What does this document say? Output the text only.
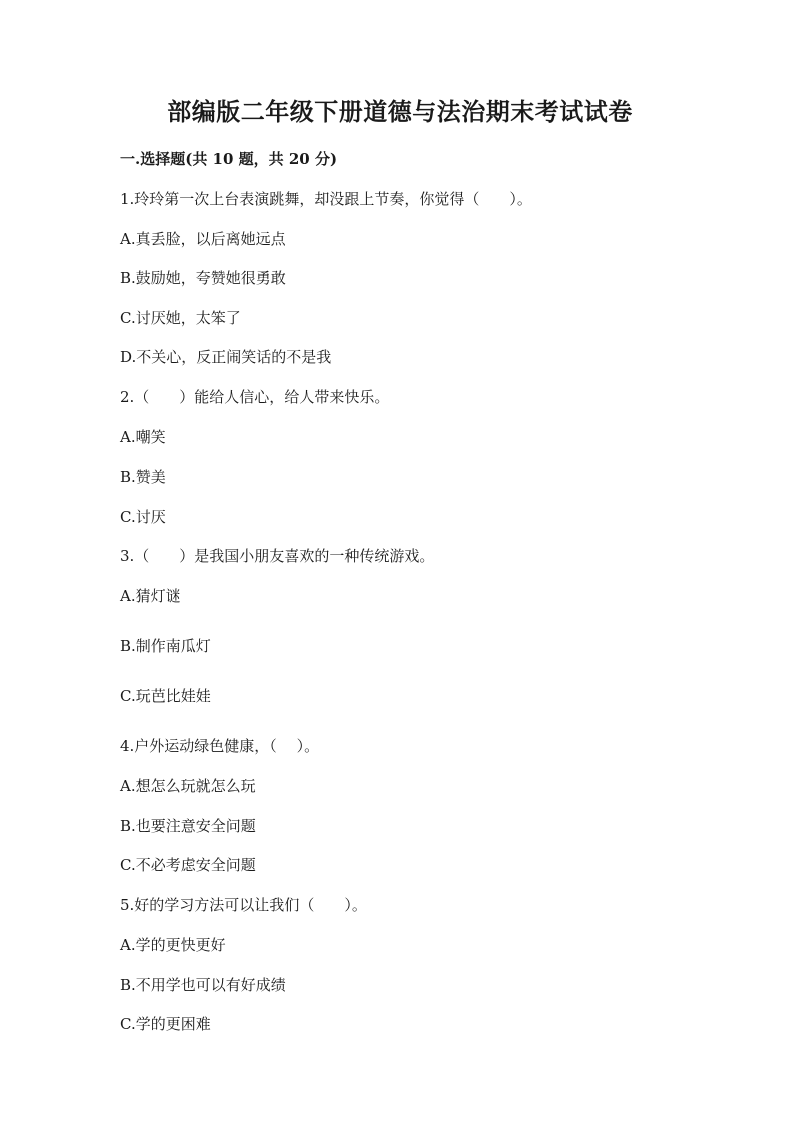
部编版二年级下册道德与法治期末考试试卷
一.选择题(共 10 题，共 20 分)
1.玲玲第一次上台表演跳舞，却没跟上节奏，你觉得（　　）。
A.真丢脸，以后离她远点
B.鼓励她，夸赞她很勇敢
C.讨厌她，太笨了
D.不关心，反正闹笑话的不是我
2.（　　）能给人信心，给人带来快乐。
A.嘲笑
B.赞美
C.讨厌
3.（　　）是我国小朋友喜欢的一种传统游戏。
A.猜灯谜
B.制作南瓜灯
C.玩芭比娃娃
4.户外运动绿色健康，（　 ）。
A.想怎么玩就怎么玩
B.也要注意安全问题
C.不必考虑安全问题
5.好的学习方法可以让我们（　　）。
A.学的更快更好
B.不用学也可以有好成绩
C.学的更困难
